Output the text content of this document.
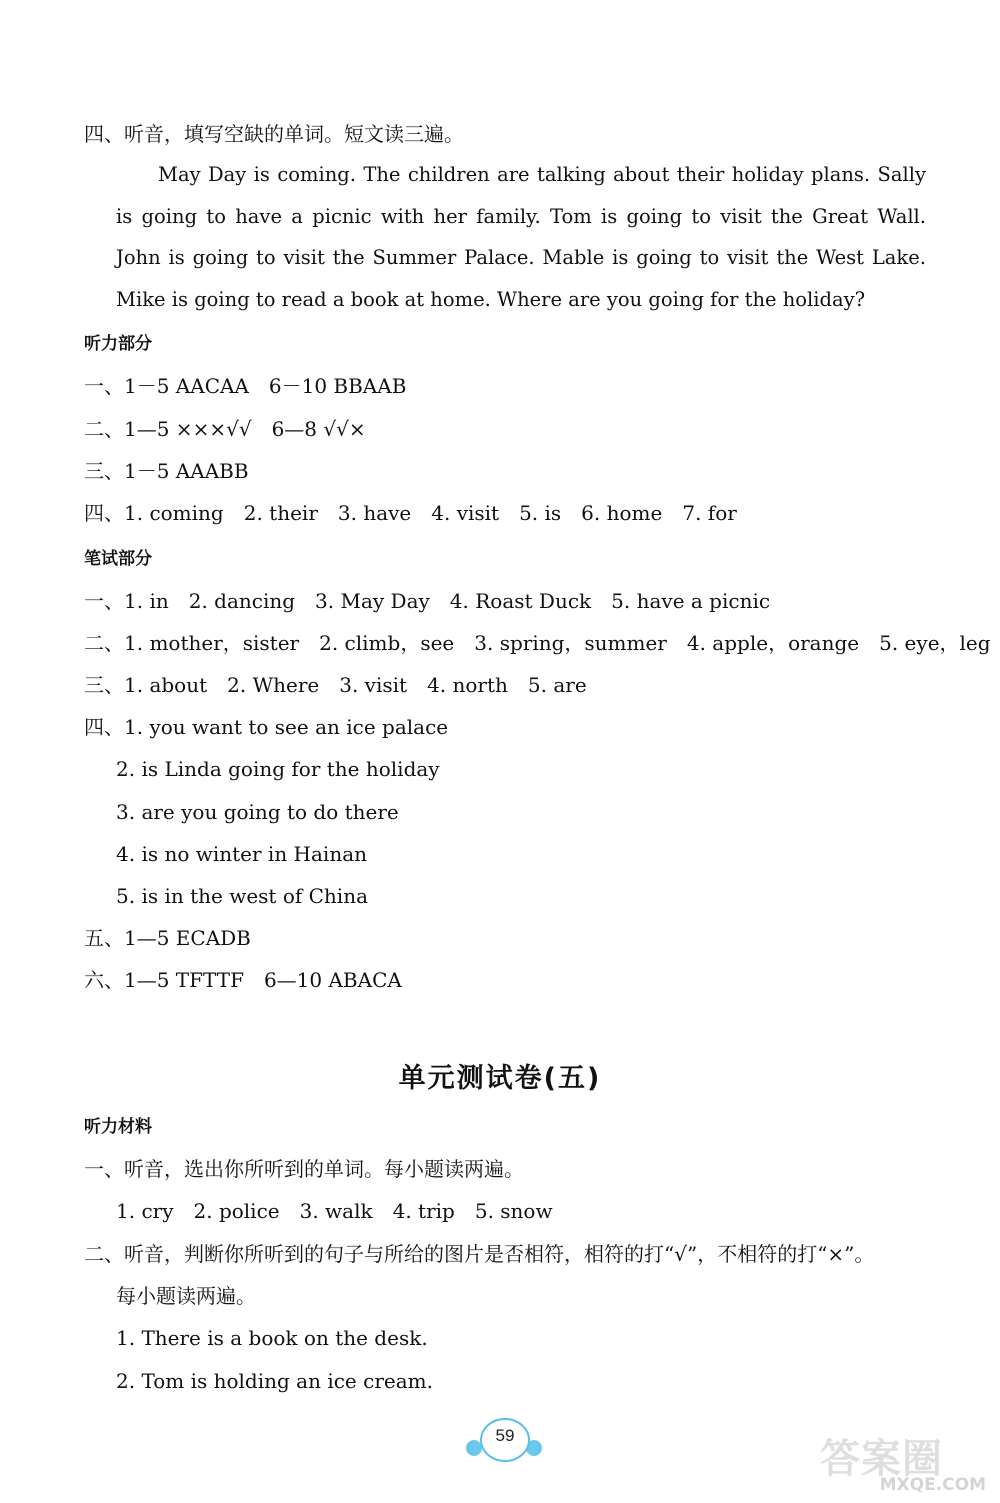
四、听音，填写空缺的单词。短文读三遍。
May Day is coming. The children are talking about their holiday plans. Sally is going to have a picnic with her family. Tom is going to visit the Great Wall. John is going to visit the Summer Palace. Mable is going to visit the West Lake. Mike is going to read a book at home. Where are you going for the holiday?
听力部分
一、1－5 AACAA　6－10 BBAAB
二、1—5 ×××√√　6—8 √√×
三、1－5 AAABB
四、1. coming　2. their　3. have　4. visit　5. is　6. home　7. for
笔试部分
一、1. in　2. dancing　3. May Day　4. Roast Duck　5. have a picnic
二、1. mother，sister　2. climb，see　3. spring，summer　4. apple，orange　5. eye，leg
三、1. about　2. Where　3. visit　4. north　5. are
四、1. you want to see an ice palace
2. is Linda going for the holiday
3. are you going to do there
4. is no winter in Hainan
5. is in the west of China
五、1—5 ECADB
六、1—5 TFTTF　6—10 ABACA
单元测试卷(五)
听力材料
一、听音，选出你所听到的单词。每小题读两遍。
1. cry　2. police　3. walk　4. trip　5. snow
二、听音，判断你所听到的句子与所给的图片是否相符，相符的打“√”，不相符的打“×”。
每小题读两遍。
1. There is a book on the desk.
2. Tom is holding an ice cream.
59
答案圈
MXQE.COM
